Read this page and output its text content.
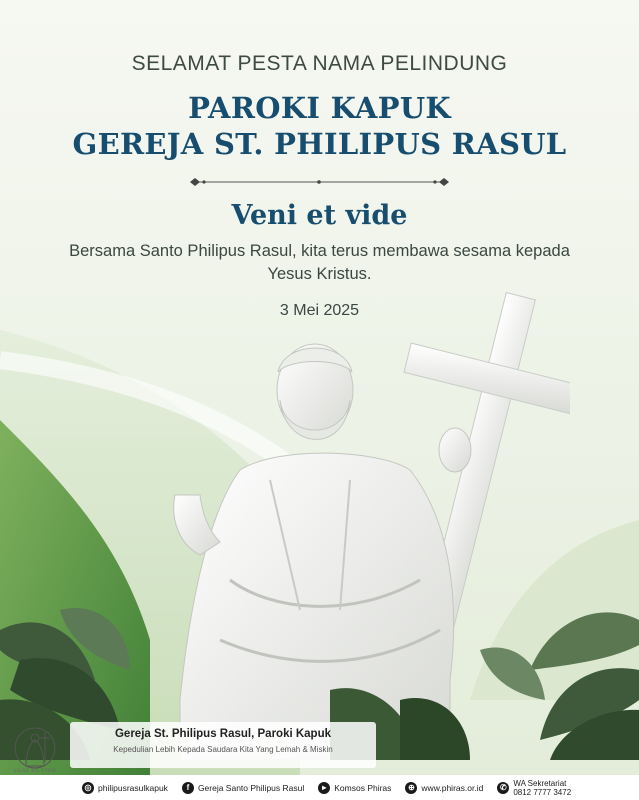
SELAMAT PESTA NAMA PELINDUNG
PAROKI KAPUK
GEREJA ST. PHILIPUS RASUL
Veni et vide
Bersama Santo Philipus Rasul, kita terus membawa sesama kepada Yesus Kristus.
3 Mei 2025
VENI ET VIDE
Gereja St. Philipus Rasul, Paroki Kapuk
Kepedulian Lebih Kepada Saudara Kita Yang Lemah & Miskin
◎ philipusrasulkapuk	f	Gereja Santo Philipus Rasul	▸ Komsos Phiras	⊕ www.phiras.or.id	✆ WA Sekretariat
0812 7777 3472
